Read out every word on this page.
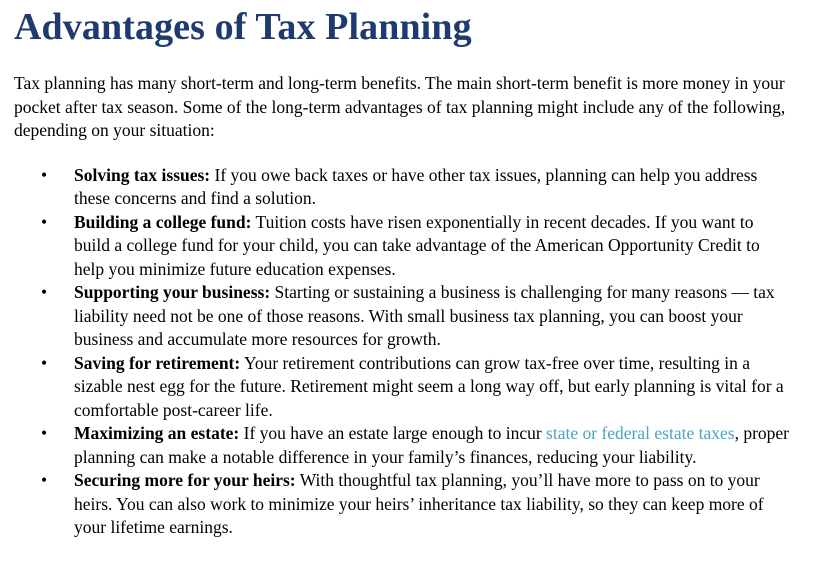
Advantages of Tax Planning

Tax planning has many short-term and long-term benefits. The main short-term benefit is more money in your pocket after tax season. Some of the long-term advantages of tax planning might include any of the following, depending on your situation:

• Solving tax issues: If you owe back taxes or have other tax issues, planning can help you address these concerns and find a solution.
• Building a college fund: Tuition costs have risen exponentially in recent decades. If you want to build a college fund for your child, you can take advantage of the American Opportunity Credit to help you minimize future education expenses.
• Supporting your business: Starting or sustaining a business is challenging for many reasons — tax liability need not be one of those reasons. With small business tax planning, you can boost your business and accumulate more resources for growth.
• Saving for retirement: Your retirement contributions can grow tax-free over time, resulting in a sizable nest egg for the future. Retirement might seem a long way off, but early planning is vital for a comfortable post-career life.
• Maximizing an estate: If you have an estate large enough to incur state or federal estate taxes, proper planning can make a notable difference in your family’s finances, reducing your liability.
• Securing more for your heirs: With thoughtful tax planning, you’ll have more to pass on to your heirs. You can also work to minimize your heirs’ inheritance tax liability, so they can keep more of your lifetime earnings.
